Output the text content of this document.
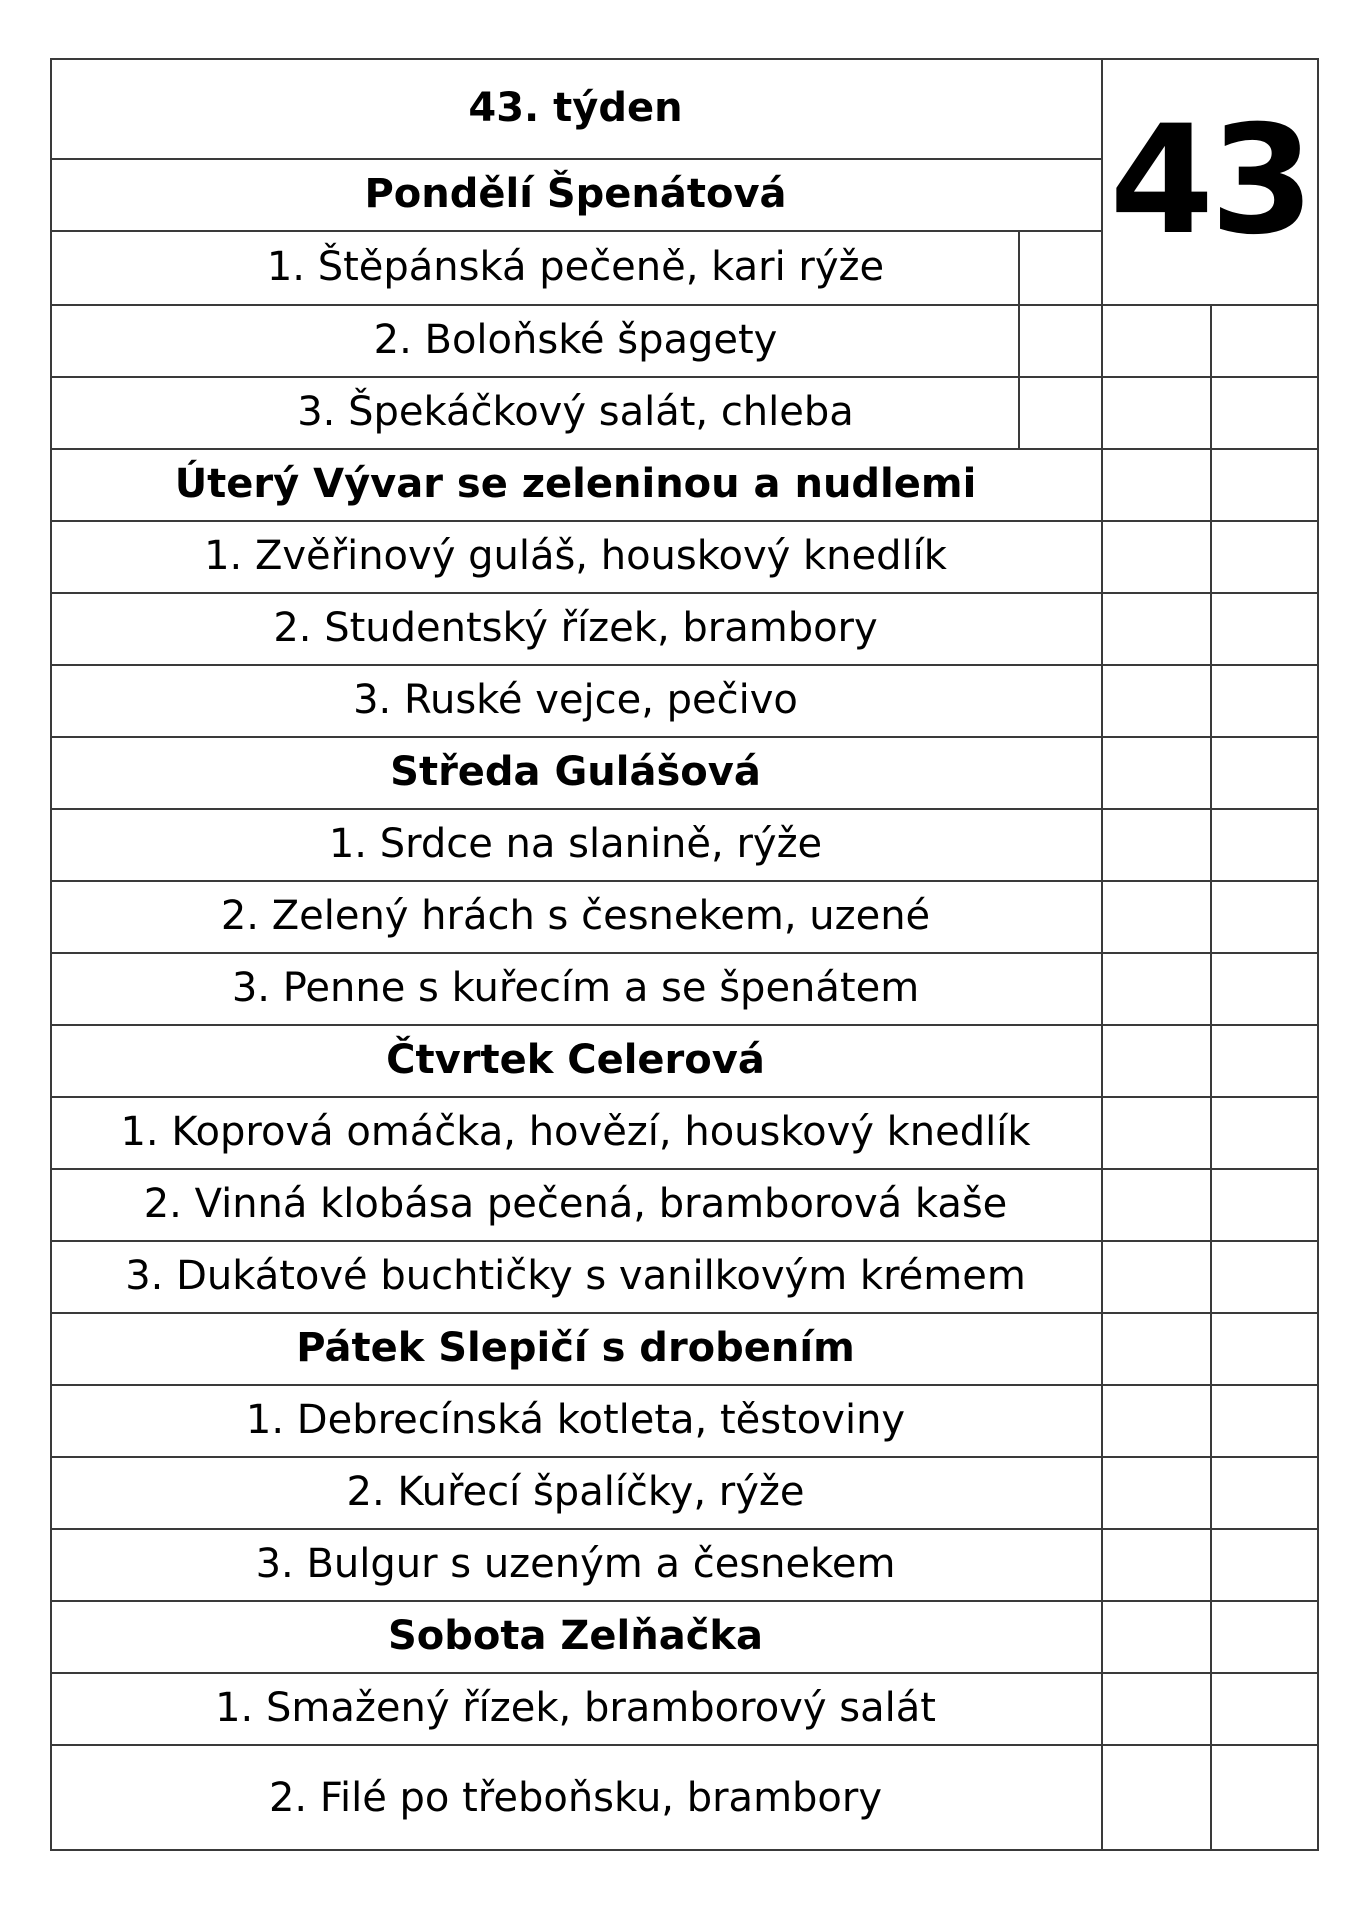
43. týden
Pondělí Špenátová
1. Štěpánská pečeně, kari rýže
2. Boloňské špagety
3. Špekáčkový salát, chleba
Úterý Vývar se zeleninou a nudlemi
1. Zvěřinový guláš, houskový knedlík
2. Studentský řízek, brambory
3. Ruské vejce, pečivo
Středa Gulášová
1. Srdce na slanině, rýže
2. Zelený hrách s česnekem, uzené
3. Penne s kuřecím a se špenátem
Čtvrtek Celerová
1. Koprová omáčka, hovězí, houskový knedlík
2. Vinná klobása pečená, bramborová kaše
3. Dukátové buchtičky s vanilkovým krémem
Pátek Slepičí s drobením
1. Debrecínská kotleta, těstoviny
2. Kuřecí špalíčky, rýže
3. Bulgur s uzeným a česnekem
Sobota Zelňačka
1. Smažený řízek, bramborový salát
2. Filé po třeboňsku, brambory
43
